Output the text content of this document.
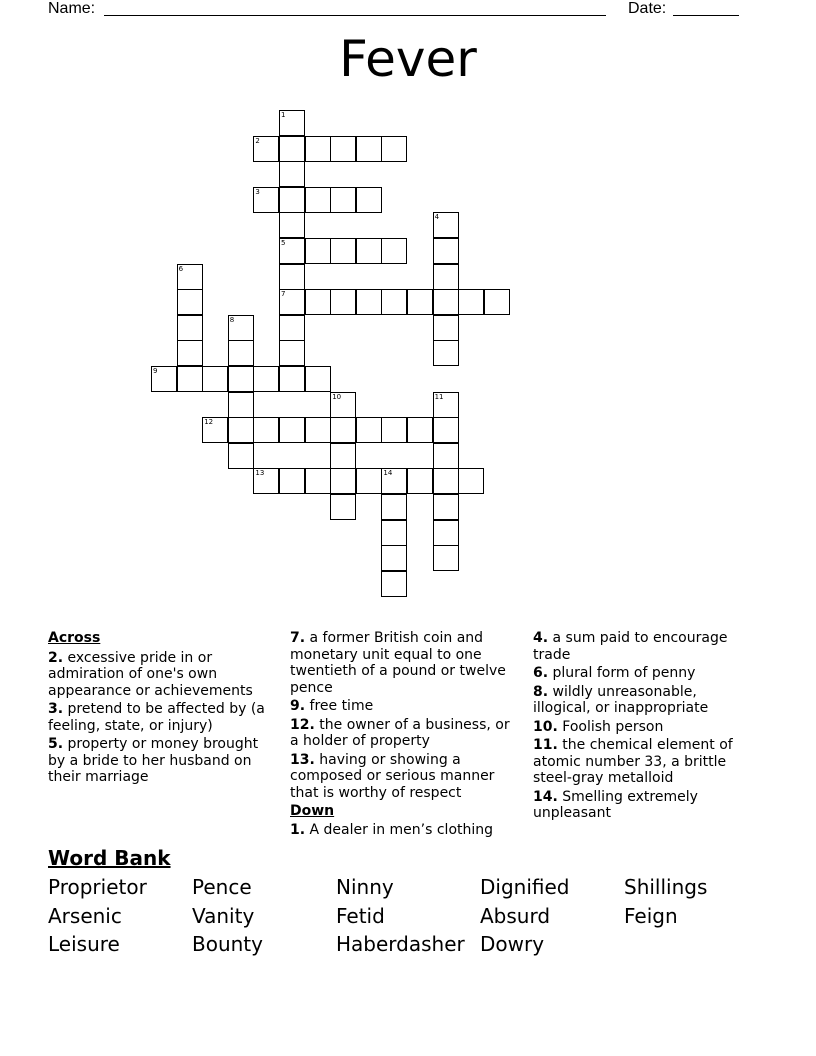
Name:	Date:
Fever
1
5
7
2
3
4
6
8
9
10	11
12
13	14
Across
2. excessive pride in or admiration of one's own appearance or achievements
3. pretend to be affected by (a feeling, state, or injury)
5. property or money brought by a bride to her husband on their marriage
7. a former British coin and monetary unit equal to one twentieth of a pound or twelve pence
9. free time
12. the owner of a business, or a holder of property
13. having or showing a composed or serious manner that is worthy of respect
Down
1. A dealer in men’s clothing
4. a sum paid to encourage trade
6. plural form of penny
8. wildly unreasonable, illogical, or inappropriate
10. Foolish person
11. the chemical element of atomic number 33, a brittle steel-gray metalloid
14. Smelling extremely unpleasant
Word Bank
Proprietor	Pence	Ninny	Dignified	Shillings
Arsenic	Vanity	Fetid	Absurd	Feign
Leisure	Bounty	Haberdasher Dowry
